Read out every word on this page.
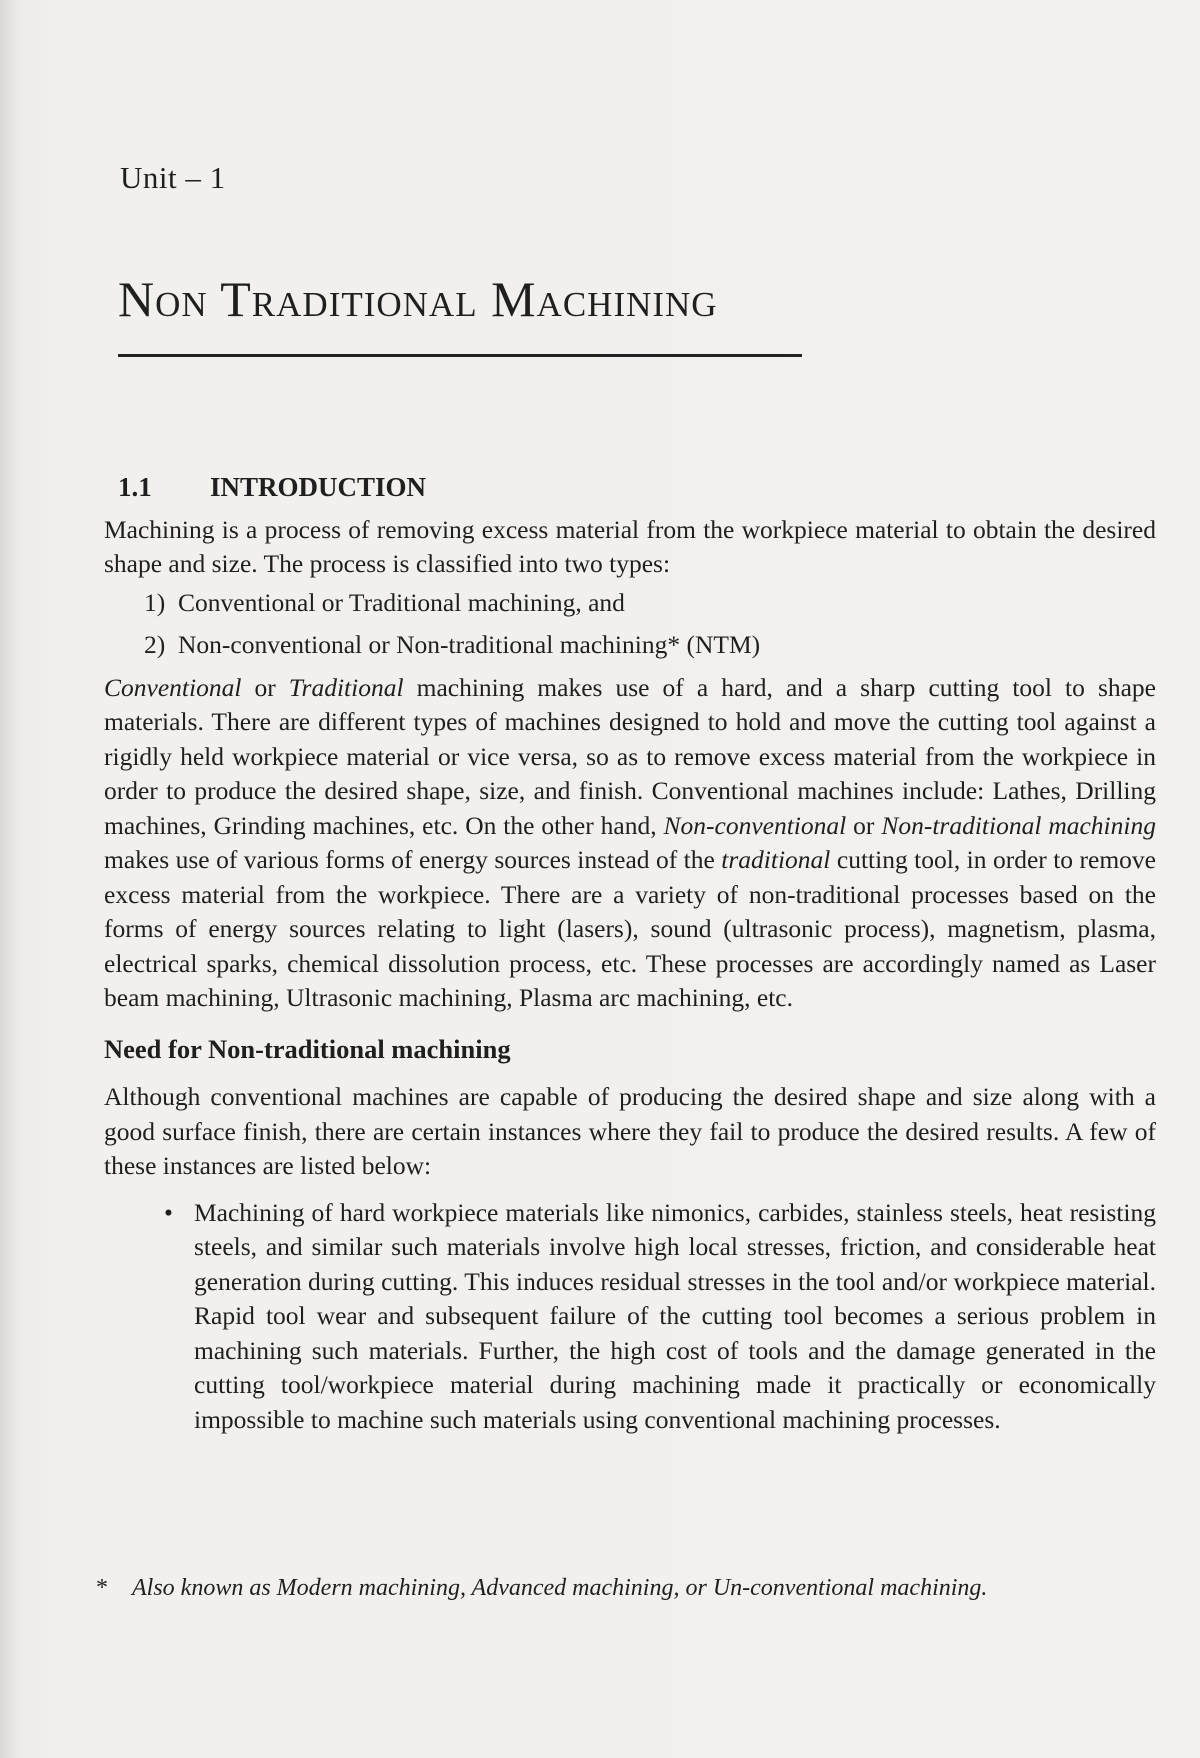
Unit – 1
Non Traditional Machining
1.1 INTRODUCTION

Machining is a process of removing excess material from the workpiece material to obtain the desired shape and size. The process is classified into two types:

1) Conventional or Traditional machining, and
2) Non-conventional or Non-traditional machining* (NTM)

Conventional or Traditional machining makes use of a hard, and a sharp cutting tool to shape materials. There are different types of machines designed to hold and move the cutting tool against a rigidly held workpiece material or vice versa, so as to remove excess material from the workpiece in order to produce the desired shape, size, and finish. Conventional machines include: Lathes, Drilling machines, Grinding machines, etc. On the other hand, Non-conventional or Non-traditional machining makes use of various forms of energy sources instead of the traditional cutting tool, in order to remove excess material from the workpiece. There are a variety of non-traditional processes based on the forms of energy sources relating to light (lasers), sound (ultrasonic process), magnetism, plasma, electrical sparks, chemical dissolution process, etc. These processes are accordingly named as Laser beam machining, Ultrasonic machining, Plasma arc machining, etc.

Need for Non-traditional machining

Although conventional machines are capable of producing the desired shape and size along with a good surface finish, there are certain instances where they fail to produce the desired results. A few of these instances are listed below:

• Machining of hard workpiece materials like nimonics, carbides, stainless steels, heat resisting steels, and similar such materials involve high local stresses, friction, and considerable heat generation during cutting. This induces residual stresses in the tool and/or workpiece material. Rapid tool wear and subsequent failure of the cutting tool becomes a serious problem in machining such materials. Further, the high cost of tools and the damage generated in the cutting tool/workpiece material during machining made it practically or economically impossible to machine such materials using conventional machining processes.
* Also known as Modern machining, Advanced machining, or Un-conventional machining.
